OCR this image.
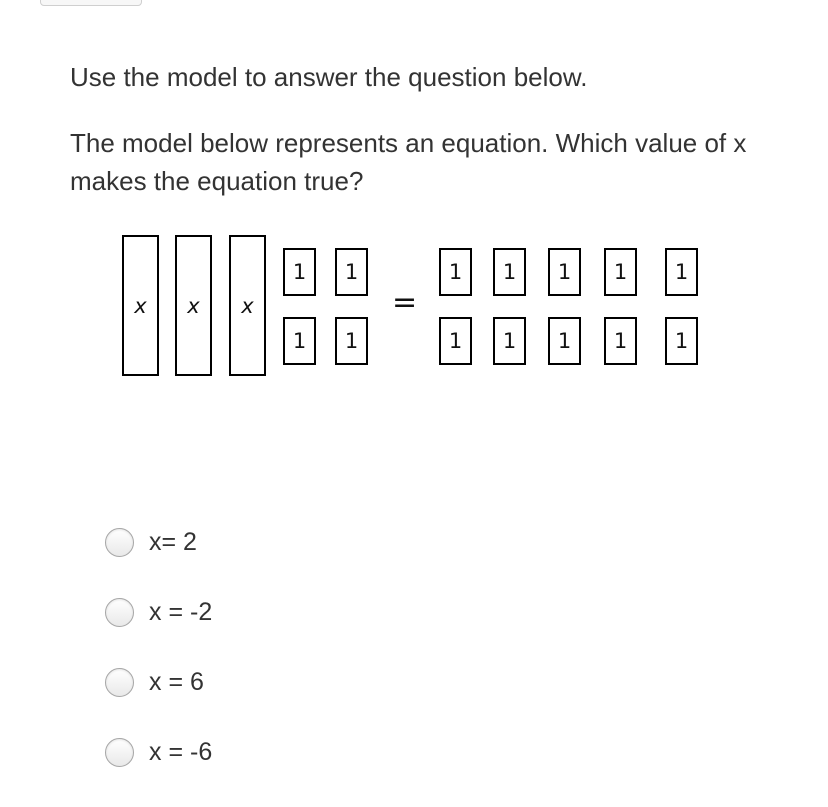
Use the model to answer the question below.

The model below represents an equation. Which value of x makes the equation true?

x	x	x
1	1
1	1
=
1	1	1	1	1
1	1	1	1	1
x= 2
x = -2
x = 6
x = -6
